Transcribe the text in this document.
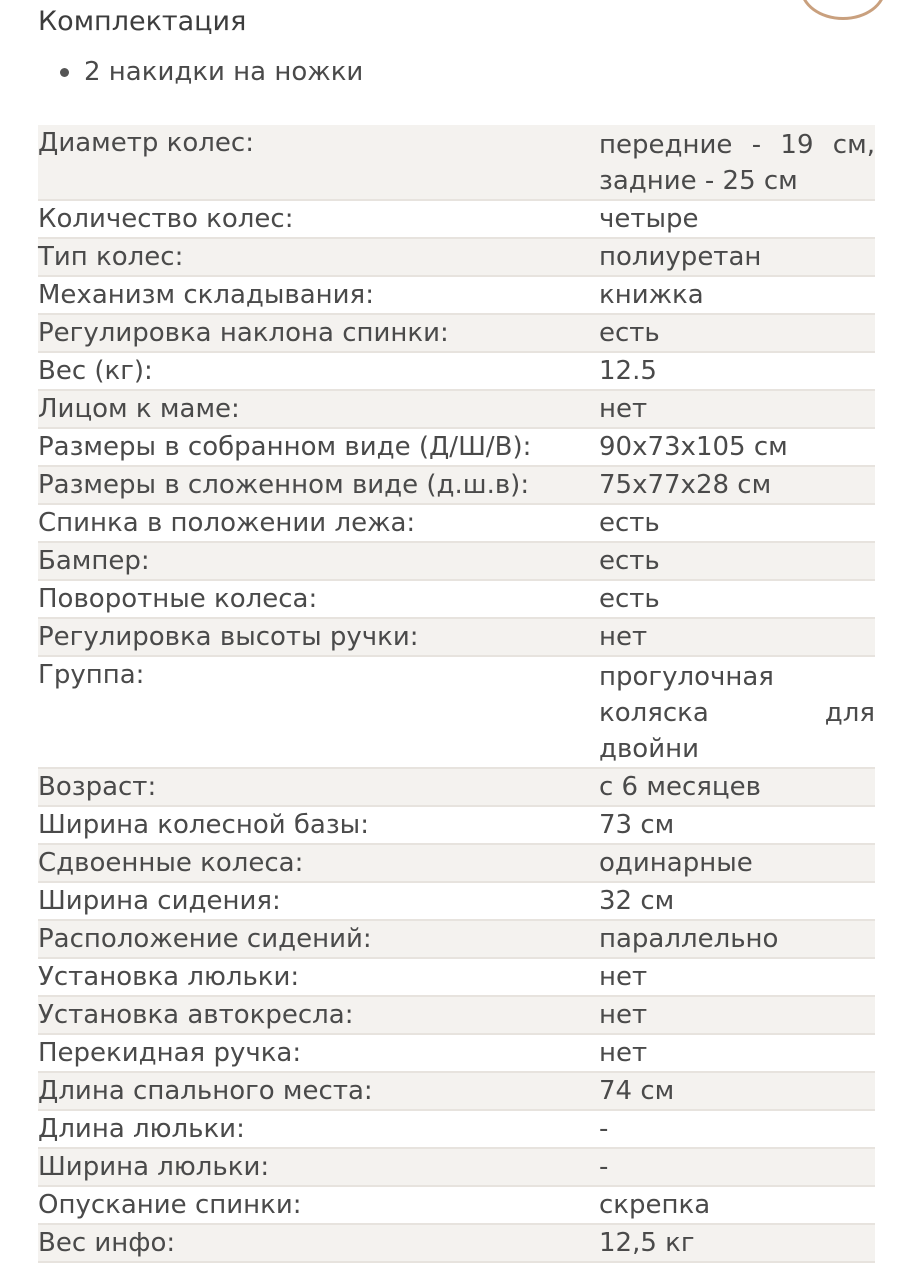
Комплектация
2 накидки на ножки
Диаметр колес:	передние - 19 см, задние - 25 см
Количество колес:	четыре
Тип колес:	полиуретан
Механизм складывания:	книжка
Регулировка наклона спинки:	есть
Вес (кг):	12.5
Лицом к маме:	нет
Размеры в собранном виде (Д/Ш/В):	90x73x105 см
Размеры в сложенном виде (д.ш.в):	75x77x28 см
Спинка в положении лежа:	есть
Бампер:	есть
Поворотные колеса:	есть
Регулировка высоты ручки:	нет
Группа:	прогулочная коляска для двойни
Возраст:	с 6 месяцев
Ширина колесной базы:	73 см
Сдвоенные колеса:	одинарные
Ширина сидения:	32 см
Расположение сидений:	параллельно
Установка люльки:	нет
Установка автокресла:	нет
Перекидная ручка:	нет
Длина спального места:	74 см
Длина люльки:	-
Ширина люльки:	-
Опускание спинки:	скрепка
Вес инфо:	12,5 кг
